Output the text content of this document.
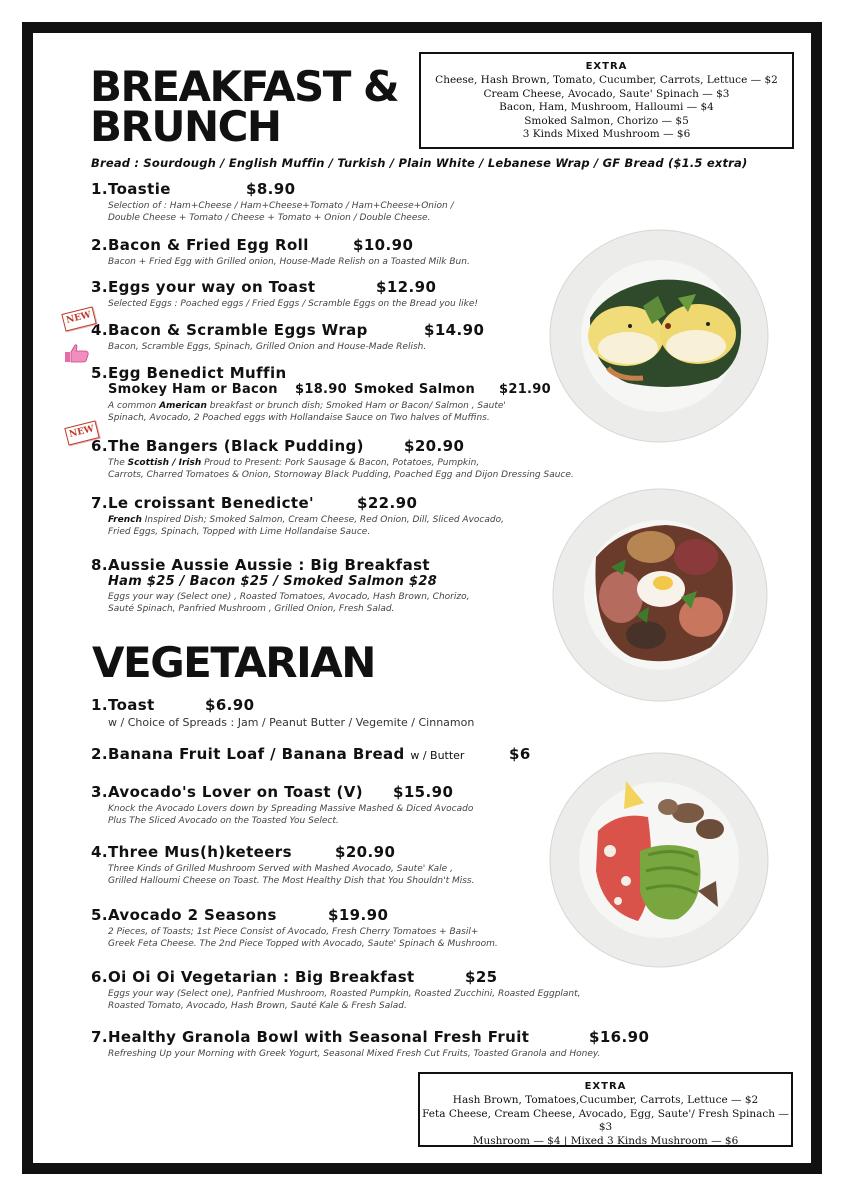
BREAKFAST &
BRUNCH
EXTRA
Cheese, Hash Brown, Tomato, Cucumber, Carrots, Lettuce — $2
Cream Cheese, Avocado, Saute' Spinach — $3
Bacon, Ham, Mushroom, Halloumi — $4
Smoked Salmon, Chorizo — $5
3 Kinds Mixed Mushroom — $6
Bread : Sourdough / English Muffin / Turkish / Plain White / Lebanese Wrap / GF Bread ($1.5 extra)
1.Toastie	$8.90
Selection of : Ham+Cheese / Ham+Cheese+Tomato / Ham+Cheese+Onion /
Double Cheese + Tomato / Cheese + Tomato + Onion / Double Cheese.
2.Bacon & Fried Egg Roll	$10.90
Bacon + Fried Egg with Grilled onion, House-Made Relish on a Toasted Milk Bun.
3.Eggs your way on Toast	$12.90
Selected Eggs : Poached eggs / Fried Eggs / Scramble Eggs on the Bread you like!
4.Bacon & Scramble Eggs Wrap	$14.90
Bacon, Scramble Eggs, Spinach, Grilled Onion and House-Made Relish.
5.Egg Benedict Muffin
Smokey Ham or Bacon $18.90 Smoked Salmon $21.90
A common American breakfast or brunch dish; Smoked Ham or Bacon/ Salmon , Saute'
Spinach, Avocado, 2 Poached eggs with Hollandaise Sauce on Two halves of Muffins.
6.The Bangers (Black Pudding)	$20.90
The Scottish / Irish Proud to Present: Pork Sausage & Bacon, Potatoes, Pumpkin,
Carrots, Charred Tomatoes & Onion, Stornoway Black Pudding, Poached Egg and Dijon Dressing Sauce.
7.Le croissant Benedicte'	$22.90
French Inspired Dish; Smoked Salmon, Cream Cheese, Red Onion, Dill, Sliced Avocado,
Fried Eggs, Spinach, Topped with Lime Hollandaise Sauce.
8.Aussie Aussie Aussie : Big Breakfast
Ham $25 / Bacon $25 / Smoked Salmon $28
Eggs your way (Select one) , Roasted Tomatoes, Avocado, Hash Brown, Chorizo,
Sauté Spinach, Panfried Mushroom , Grilled Onion, Fresh Salad.
NEW
NEW
VEGETARIAN
1.Toast	$6.90
w / Choice of Spreads : Jam / Peanut Butter / Vegemite / Cinnamon
2.Banana Fruit Loaf / Banana Bread w / Butter	$6
3.Avocado's Lover on Toast (V) $15.90
Knock the Avocado Lovers down by Spreading Massive Mashed & Diced Avocado
Plus The Sliced Avocado on the Toasted You Select.
4.Three Mus(h)keteers	$20.90
Three Kinds of Grilled Mushroom Served with Mashed Avocado, Saute' Kale ,
Grilled Halloumi Cheese on Toast. The Most Healthy Dish that You Shouldn't Miss.
5.Avocado 2 Seasons	$19.90
2 Pieces, of Toasts; 1st Piece Consist of Avocado, Fresh Cherry Tomatoes + Basil+
Greek Feta Cheese. The 2nd Piece Topped with Avocado, Saute' Spinach & Mushroom.
6.Oi Oi Oi Vegetarian : Big Breakfast	$25
Eggs your way (Select one), Panfried Mushroom, Roasted Pumpkin, Roasted Zucchini, Roasted Eggplant,
Roasted Tomato, Avocado, Hash Brown, Sauté Kale & Fresh Salad.
7.Healthy Granola Bowl with Seasonal Fresh Fruit	$16.90
Refreshing Up your Morning with Greek Yogurt, Seasonal Mixed Fresh Cut Fruits, Toasted Granola and Honey.
EXTRA
Hash Brown, Tomatoes,Cucumber, Carrots, Lettuce — $2
Feta Cheese, Cream Cheese, Avocado, Egg, Saute'/ Fresh Spinach — $3
Mushroom — $4 | Mixed 3 Kinds Mushroom — $6
